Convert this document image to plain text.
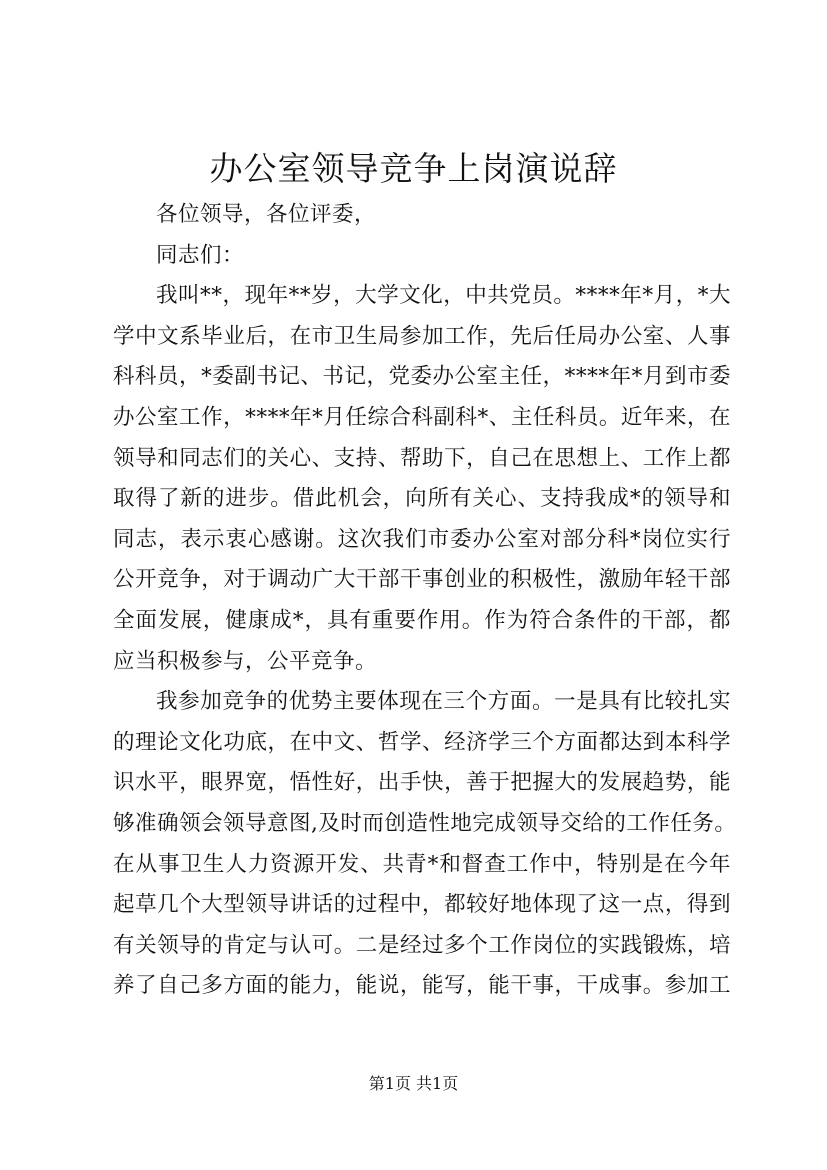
办公室领导竞争上岗演说辞
各位领导，各位评委，
同志们：
我叫**，现年**岁，大学文化，中共党员。****年*月，*大
学中文系毕业后，在市卫生局参加工作，先后任局办公室、人事
科科员，*委副书记、书记，党委办公室主任，****年*月到市委
办公室工作，****年*月任综合科副科*、主任科员。近年来，在
领导和同志们的关心、支持、帮助下，自己在思想上、工作上都
取得了新的进步。借此机会，向所有关心、支持我成*的领导和
同志，表示衷心感谢。这次我们市委办公室对部分科*岗位实行
公开竞争，对于调动广大干部干事创业的积极性，激励年轻干部
全面发展，健康成*，具有重要作用。作为符合条件的干部，都
应当积极参与，公平竞争。
我参加竞争的优势主要体现在三个方面。一是具有比较扎实
的理论文化功底，在中文、哲学、经济学三个方面都达到本科学
识水平，眼界宽，悟性好，出手快，善于把握大的发展趋势，能
够准确领会领导意图,及时而创造性地完成领导交给的工作任务。
在从事卫生人力资源开发、共青*和督查工作中，特别是在今年
起草几个大型领导讲话的过程中，都较好地体现了这一点，得到
有关领导的肯定与认可。二是经过多个工作岗位的实践锻炼，培
养了自己多方面的能力，能说，能写，能干事，干成事。参加工
第1页 共1页
